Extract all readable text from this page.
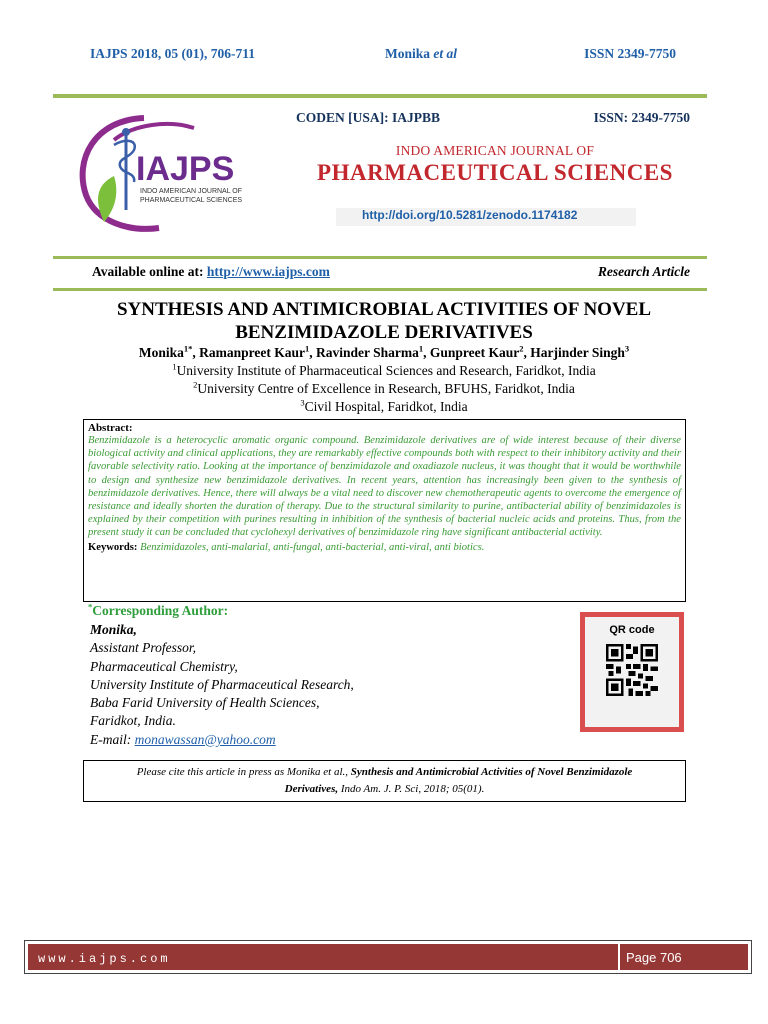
IAJPS 2018, 05 (01), 706-711	Monika et al	ISSN 2349-7750
IAJPS
INDO AMERICAN JOURNAL OF
PHARMACEUTICAL SCIENCES
CODEN [USA]: IAJPBB	ISSN: 2349-7750
INDO AMERICAN JOURNAL OF
PHARMACEUTICAL SCIENCES
http://doi.org/10.5281/zenodo.1174182
Available online at: http://www.iajps.com	Research Article
SYNTHESIS AND ANTIMICROBIAL ACTIVITIES OF NOVEL
BENZIMIDAZOLE DERIVATIVES
Monika$^{1*}$, Ramanpreet Kaur$^1$, Ravinder Sharma$^1$, Gunpreet Kaur$^2$, Harjinder Singh$^3$
$^1$University Institute of Pharmaceutical Sciences and Research, Faridkot, India
$^2$University Centre of Excellence in Research, BFUHS, Faridkot, India
$^3$Civil Hospital, Faridkot, India
Abstract:
Benzimidazole is a heterocyclic aromatic organic compound. Benzimidazole derivatives are of wide interest because of their diverse biological activity and clinical applications, they are remarkably effective compounds both with respect to their inhibitory activity and their favorable selectivity ratio. Looking at the importance of benzimidazole and oxadiazole nucleus, it was thought that it would be worthwhile to design and synthesize new benzimidazole derivatives. In recent years, attention has increasingly been given to the synthesis of benzimidazole derivatives. Hence, there will always be a vital need to discover new chemotherapeutic agents to overcome the emergence of resistance and ideally shorten the duration of therapy. Due to the structural similarity to purine, antibacterial ability of benzimidazoles is explained by their competition with purines resulting in inhibition of the synthesis of bacterial nucleic acids and proteins. Thus, from the present study it can be concluded that cyclohexyl derivatives of benzimidazole ring have significant antibacterial activity.
Keywords: Benzimidazoles, anti-malarial, anti-fungal, anti-bacterial, anti-viral, anti biotics.
*Corresponding Author:
Monika,
Assistant Professor,
Pharmaceutical Chemistry,
University Institute of Pharmaceutical Research,
Baba Farid University of Health Sciences,
Faridkot, India.
E-mail: monawassan@yahoo.com
QR code
Please cite this article in press as Monika et al., Synthesis and Antimicrobial Activities of Novel Benzimidazole
Derivatives, Indo Am. J. P. Sci, 2018; 05(01).
www.iajps.com	Page 706
